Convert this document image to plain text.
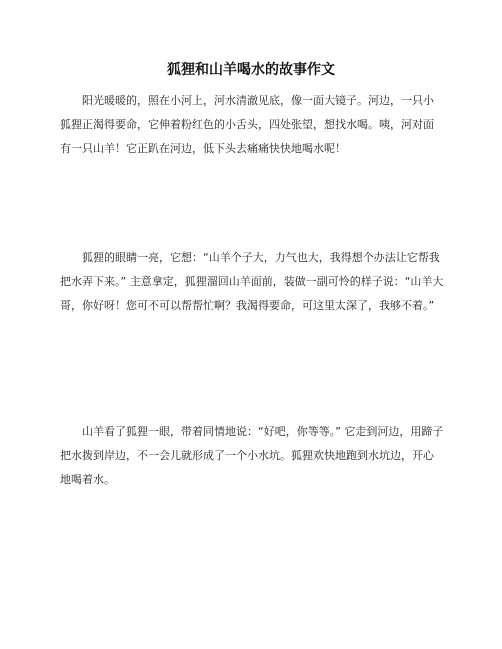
狐狸和山羊喝水的故事作文

阳光暖暖的，照在小河上，河水清澈见底，像一面大镜子。河边，一只小狐狸正渴得要命，它伸着粉红色的小舌头，四处张望，想找水喝。咦，河对面有一只山羊！它正趴在河边，低下头去痛痛快快地喝水呢！

狐狸的眼睛一亮，它想：“山羊个子大，力气也大，我得想个办法让它帮我把水弄下来。” 主意拿定，狐狸溜回山羊面前，装做一副可怜的样子说：“山羊大哥，你好呀！您可不可以帮帮忙啊？我渴得要命，可这里太深了，我够不着。”

山羊看了狐狸一眼，带着同情地说：“好吧，你等等。” 它走到河边，用蹄子把水拨到岸边，不一会儿就形成了一个小水坑。狐狸欢快地跑到水坑边，开心地喝着水。
